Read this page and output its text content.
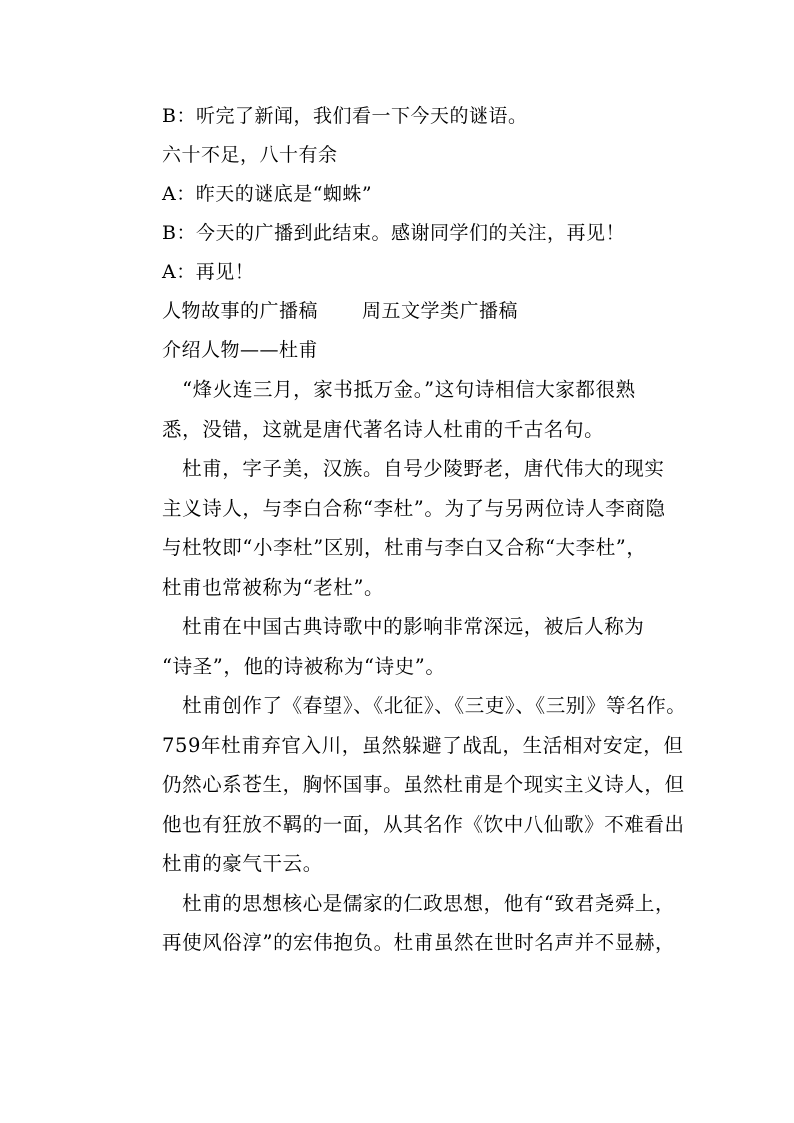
B：听完了新闻，我们看一下今天的谜语。
六十不足，八十有余
A：昨天的谜底是“蜘蛛”
B：今天的广播到此结束。感谢同学们的关注，再见！
A：再见！
人物故事的广播稿 周五文学类广播稿
介绍人物——杜甫
　“烽火连三月，家书抵万金。”这句诗相信大家都很熟
悉，没错，这就是唐代著名诗人杜甫的千古名句。
　杜甫，字子美，汉族。自号少陵野老，唐代伟大的现实
主义诗人，与李白合称“李杜”。为了与另两位诗人李商隐
与杜牧即“小李杜”区别，杜甫与李白又合称“大李杜”，
杜甫也常被称为“老杜”。
　杜甫在中国古典诗歌中的影响非常深远，被后人称为
“诗圣”，他的诗被称为“诗史”。
　杜甫创作了《春望》、《北征》、《三吏》、《三别》等名作。
759年杜甫弃官入川，虽然躲避了战乱，生活相对安定，但
仍然心系苍生，胸怀国事。虽然杜甫是个现实主义诗人，但
他也有狂放不羁的一面，从其名作《饮中八仙歌》不难看出
杜甫的豪气干云。
　杜甫的思想核心是儒家的仁政思想，他有“致君尧舜上，
再使风俗淳”的宏伟抱负。杜甫虽然在世时名声并不显赫，
